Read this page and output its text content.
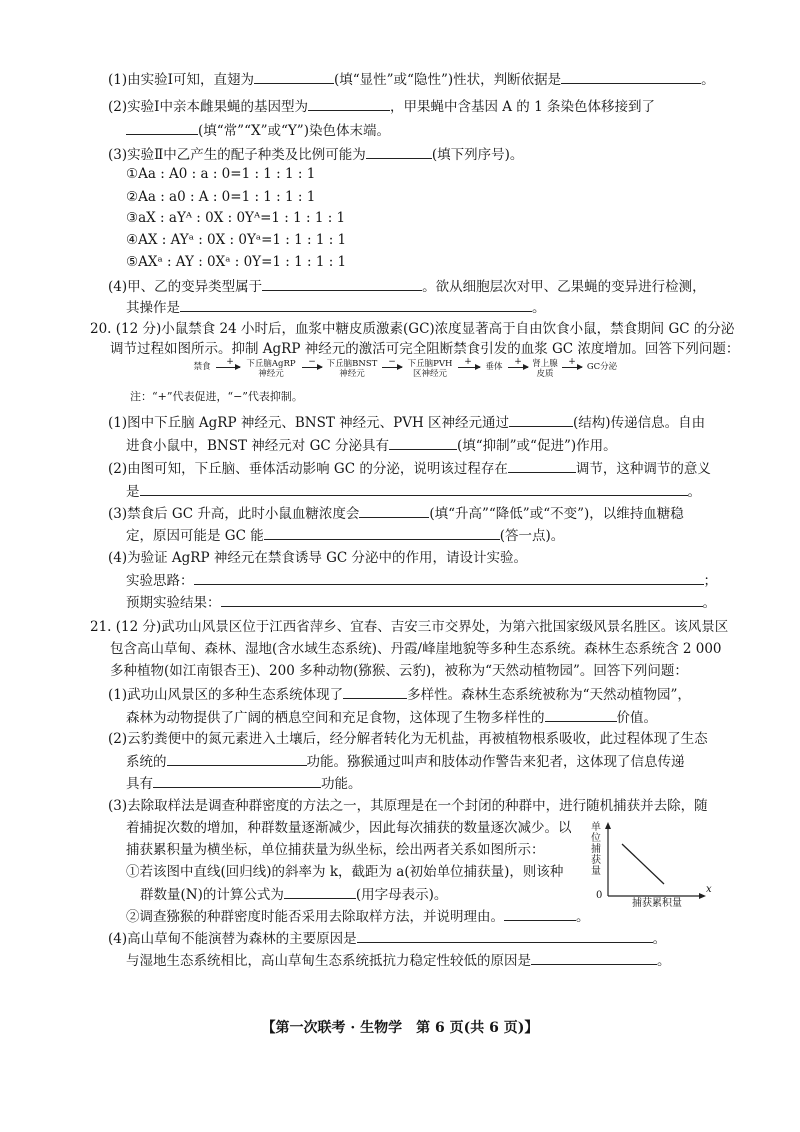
(1)由实验Ⅰ可知，直翅为	(填“显性”或“隐性”)性状，判断依据是	。
(2)实验Ⅰ中亲本雌果蝇的基因型为	，甲果蝇中含基因 A 的 1 条染色体移接到了
(填“常”“X”或“Y”)染色体末端。
(3)实验Ⅱ中乙产生的配子种类及比例可能为	(填下列序号)。
①Aa : A0 : a : 0=1 : 1 : 1 : 1
②Aa : a0 : A : 0=1 : 1 : 1 : 1
③aX : aYᴬ : 0X : 0Yᴬ=1 : 1 : 1 : 1
④AX : AYᵃ : 0X : 0Yᵃ=1 : 1 : 1 : 1
⑤AXᵃ : AY : 0Xᵃ : 0Y=1 : 1 : 1 : 1
(4)甲、乙的变异类型属于	。欲从细胞层次对甲、乙果蝇的变异进行检测，
其操作是	。
20. (12 分)小鼠禁食 24 小时后，血浆中糖皮质激素(GC)浓度显著高于自由饮食小鼠，禁食期间 GC 的分泌
调节过程如图所示。抑制 AgRP 神经元的激活可完全阻断禁食引发的血浆 GC 浓度增加。回答下列问题：
禁食	+	下丘脑AgRP
神经元
−	下丘脑BNST
神经元
−	下丘脑PVH
区神经元
+	垂体	+	肾上腺
皮质
+	GC分泌
注：“+”代表促进，“−”代表抑制。
(1)图中下丘脑 AgRP 神经元、BNST 神经元、PVH 区神经元通过	(结构)传递信息。自由
进食小鼠中，BNST 神经元对 GC 分泌具有	(填“抑制”或“促进”)作用。
(2)由图可知，下丘脑、垂体活动影响 GC 的分泌，说明该过程存在	调节，这种调节的意义
是	。
(3)禁食后 GC 升高，此时小鼠血糖浓度会	(填“升高”“降低”或“不变”)，以维持血糖稳
定，原因可能是 GC 能	(答一点)。
(4)为验证 AgRP 神经元在禁食诱导 GC 分泌中的作用，请设计实验。
实验思路：	；
预期实验结果：	。
21. (12 分)武功山风景区位于江西省萍乡、宜春、吉安三市交界处，为第六批国家级风景名胜区。该风景区
包含高山草甸、森林、湿地(含水域生态系统)、丹霞/峰崖地貌等多种生态系统。森林生态系统含 2 000
多种植物(如江南银杏王)、200 多种动物(猕猴、云豹)，被称为“天然动植物园”。回答下列问题：
(1)武功山风景区的多种生态系统体现了	多样性。森林生态系统被称为“天然动植物园”，
森林为动物提供了广阔的栖息空间和充足食物，这体现了生物多样性的	价值。
(2)云豹粪便中的氮元素进入土壤后，经分解者转化为无机盐，再被植物根系吸收，此过程体现了生态
系统的	功能。猕猴通过叫声和肢体动作警告来犯者，这体现了信息传递
具有	功能。
(3)去除取样法是调查种群密度的方法之一，其原理是在一个封闭的种群中，进行随机捕获并去除，随
着捕捉次数的增加，种群数量逐渐减少，因此每次捕获的数量逐次减少。以
捕获累积量为横坐标，单位捕获量为纵坐标，绘出两者关系如图所示：
①若该图中直线(回归线)的斜率为 k，截距为 a(初始单位捕获量)，则该种
群数量(N)的计算公式为	(用字母表示)。
②调查猕猴的种群密度时能否采用去除取样方法，并说明理由。	。
单位捕获量
捕获累积量
0
x
(4)高山草甸不能演替为森林的主要原因是	。
与湿地生态系统相比，高山草甸生态系统抵抗力稳定性较低的原因是	。
【第一次联考 · 生物学　第 6 页(共 6 页)】
